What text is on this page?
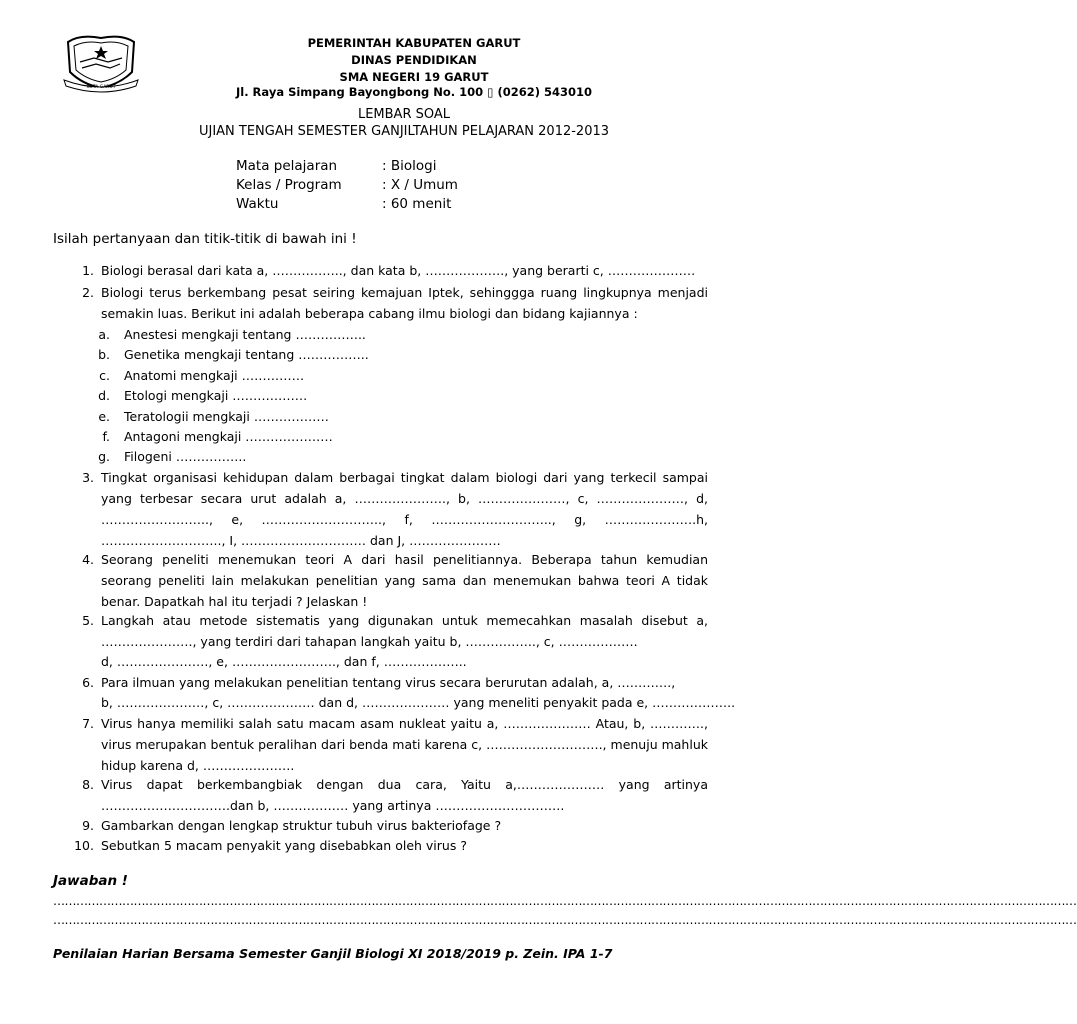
KOTA GARUT
PEMERINTAH KABUPATEN GARUT
DINAS PENDIDIKAN
SMA NEGERI 19 GARUT
Jl. Raya Simpang Bayongbong No. 100 ▯ (0262) 543010
LEMBAR SOAL
UJIAN TENGAH SEMESTER GANJILTAHUN PELAJARAN 2012-2013
Mata pelajaran	: Biologi
Kelas / Program	: X / Umum
Waktu	: 60 menit
Isilah pertanyaan dan titik-titik di bawah ini !
1. Biologi berasal dari kata a, …………….., dan kata b, ………………., yang berarti c, …………………
2. Biologi terus berkembang pesat seiring kemajuan Iptek, sehinggga ruang lingkupnya menjadi semakin luas. Berikut ini adalah beberapa cabang ilmu biologi dan bidang kajiannya :
a. Anestesi mengkaji tentang ……………..
b. Genetika mengkaji tentang ……………..
c. Anatomi mengkaji ……………
d. Etologi mengkaji ………………
e. Teratologii mengkaji ………………
f. Antagoni mengkaji …………………
g. Filogeni ……………..
3. Tingkat organisasi kehidupan dalam berbagai tingkat dalam biologi dari yang terkecil sampai yang terbesar secara urut adalah a, …………………., b, …………………, c, …………………, d, …………………….., e, ……………………….., f, ……………………….., g, ………………….h, ……………………….., I, ………………………… dan J, ………………….
4. Seorang peneliti menemukan teori A dari hasil penelitiannya. Beberapa tahun kemudian seorang peneliti lain melakukan penelitian yang sama dan menemukan bahwa teori A tidak benar. Dapatkah hal itu terjadi ? Jelaskan !
5. Langkah atau metode sistematis yang digunakan untuk memecahkan masalah disebut a, …………………., yang terdiri dari tahapan langkah yaitu b, …………….., c, ……………….
d, …………………., e, ……………………., dan f, ………………..
6. Para ilmuan yang melakukan penelitian tentang virus secara berurutan adalah, a, ………….,
b, …………………, c, ………………… dan d, ………………… yang meneliti penyakit pada e, ………………..
7. Virus hanya memiliki salah satu macam asam nukleat yaitu a, ………………… Atau, b, …………., virus merupakan bentuk peralihan dari benda mati karena c, ………………………., menuju mahluk hidup karena d, ………………….
8. Virus dapat berkembangbiak dengan dua cara, Yaitu a,………………… yang artinya ………………………….dan b, ……………… yang artinya ………………………….
9. Gambarkan dengan lengkap struktur tubuh virus bakteriofage ?
10. Sebutkan 5 macam penyakit yang disebabkan oleh virus ?
Jawaban !
……………………………………………………………………………………………………………………………………………………………………………………………………………………………………………
……………………………………………………………………………………………………………………………………………………………………………………………………………………………………………
Penilaian Harian Bersama Semester Ganjil Biologi XI 2018/2019 p. Zein. IPA 1-7
